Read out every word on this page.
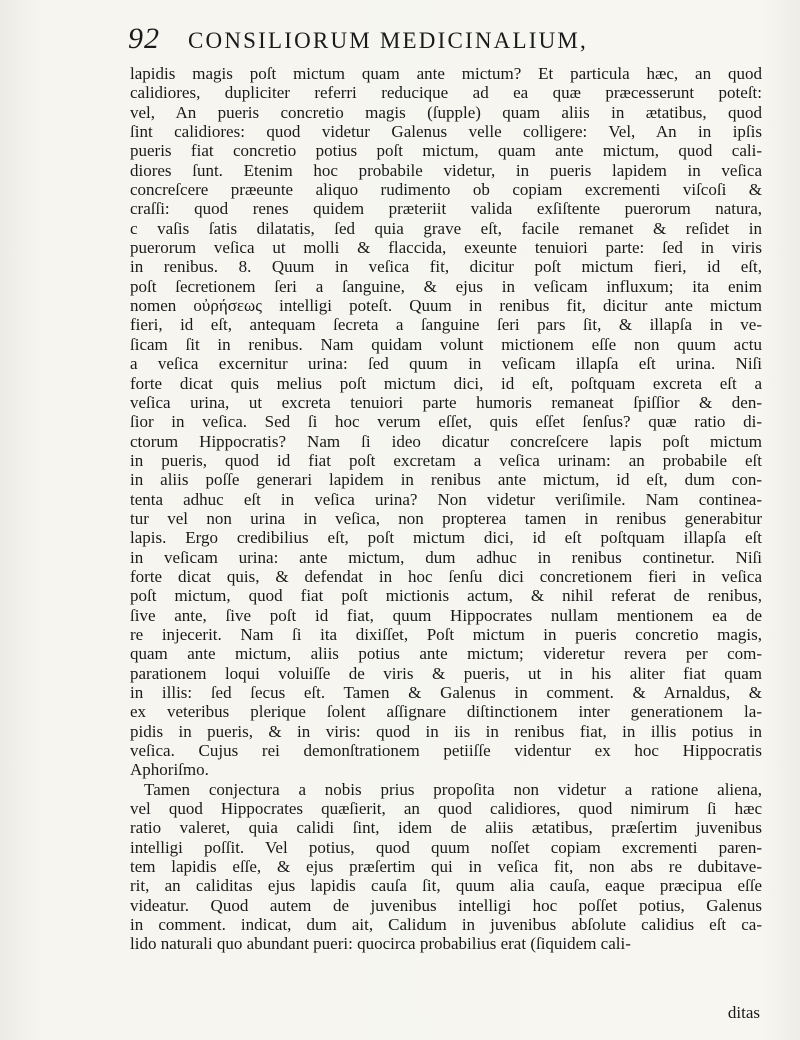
92 CONSILIORUM MEDICINALIUM,
lapidis magis poſt mictum quam ante mictum? Et particula hæc, an quod
calidiores, dupliciter referri reducique ad ea quæ præcesserunt poteſt:
vel, An pueris concretio magis (ſupple) quam aliis in ætatibus, quod
ſint calidiores: quod videtur Galenus velle colligere: Vel, An in ipſis
pueris fiat concretio potius poſt mictum, quam ante mictum, quod cali-
diores ſunt. Etenim hoc probabile videtur, in pueris lapidem in veſica
concreſcere præeunte aliquo rudimento ob copiam excrementi viſcoſi &
craſſi: quod renes quidem præteriit valida exſiſtente puerorum natura,
c vaſis ſatis dilatatis, ſed quia grave eſt, facile remanet & reſidet in
puerorum veſica ut molli & flaccida, exeunte tenuiori parte: ſed in viris
in renibus. 8. Quum in veſica fit, dicitur poſt mictum fieri, id eſt,
poſt ſecretionem ſeri a ſanguine, & ejus in veſicam influxum; ita enim
nomen οὐρήσεως intelligi poteſt. Quum in renibus fit, dicitur ante mictum
fieri, id eſt, antequam ſecreta a ſanguine ſeri pars ſit, & illapſa in ve-
ſicam ſit in renibus. Nam quidam volunt mictionem eſſe non quum actu
a veſica excernitur urina: ſed quum in veſicam illapſa eſt urina. Niſi
forte dicat quis melius poſt mictum dici, id eſt, poſtquam excreta eſt a
veſica urina, ut excreta tenuiori parte humoris remaneat ſpiſſior & den-
ſior in veſica. Sed ſi hoc verum eſſet, quis eſſet ſenſus? quæ ratio di-
ctorum Hippocratis? Nam ſi ideo dicatur concreſcere lapis poſt mictum
in pueris, quod id fiat poſt excretam a veſica urinam: an probabile eſt
in aliis poſſe generari lapidem in renibus ante mictum, id eſt, dum con-
tenta adhuc eſt in veſica urina? Non videtur veriſimile. Nam continea-
tur vel non urina in veſica, non propterea tamen in renibus generabitur
lapis. Ergo credibilius eſt, poſt mictum dici, id eſt poſtquam illapſa eſt
in veſicam urina: ante mictum, dum adhuc in renibus continetur. Niſi
forte dicat quis, & defendat in hoc ſenſu dici concretionem fieri in veſica
poſt mictum, quod fiat poſt mictionis actum, & nihil referat de renibus,
ſive ante, ſive poſt id fiat, quum Hippocrates nullam mentionem ea de
re injecerit. Nam ſi ita dixiſſet, Poſt mictum in pueris concretio magis,
quam ante mictum, aliis potius ante mictum; videretur revera per com-
parationem loqui voluiſſe de viris & pueris, ut in his aliter fiat quam
in illis: ſed ſecus eſt. Tamen & Galenus in comment. & Arnaldus, &
ex veteribus plerique ſolent aſſignare diſtinctionem inter generationem la-
pidis in pueris, & in viris: quod in iis in renibus fiat, in illis potius in
veſica. Cujus rei demonſtrationem petiiſſe videntur ex hoc Hippocratis
Aphoriſmo.
Tamen conjectura a nobis prius propoſita non videtur a ratione aliena,
vel quod Hippocrates quæſierit, an quod calidiores, quod nimirum ſi hæc
ratio valeret, quia calidi ſint, idem de aliis ætatibus, præſertim juvenibus
intelligi poſſit. Vel potius, quod quum noſſet copiam excrementi paren-
tem lapidis eſſe, & ejus præſertim qui in veſica fit, non abs re dubitave-
rit, an caliditas ejus lapidis cauſa ſit, quum alia cauſa, eaque præcipua eſſe
videatur. Quod autem de juvenibus intelligi hoc poſſet potius, Galenus
in comment. indicat, dum ait, Calidum in juvenibus abſolute calidius eſt ca-
lido naturali quo abundant pueri: quocirca probabilius erat (ſiquidem cali-
ditas
